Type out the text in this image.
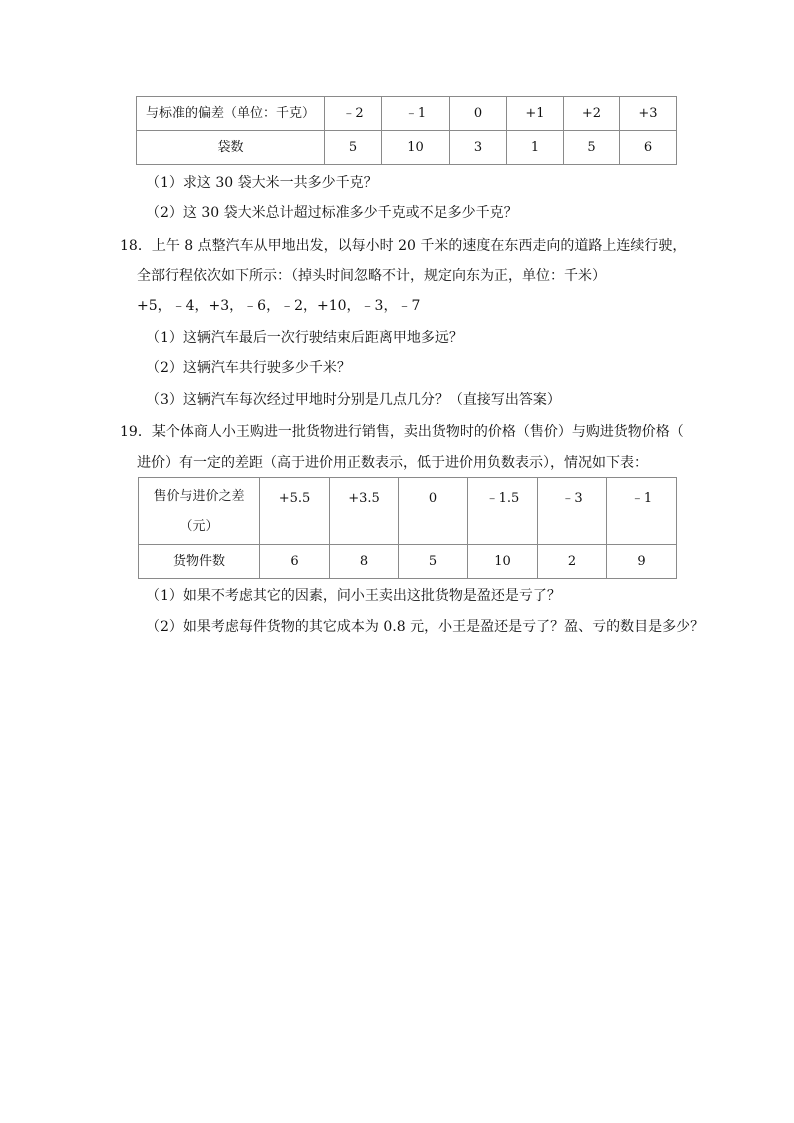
与标准的偏差（单位：千克）	﹣2	﹣1	0	+1	+2	+3
袋数	5	10	3	1	5	6
（1）求这 30 袋大米一共多少千克？
（2）这 30 袋大米总计超过标准多少千克或不足多少千克？
18．上午 8 点整汽车从甲地出发，以每小时 20 千米的速度在东西走向的道路上连续行驶，
全部行程依次如下所示：（掉头时间忽略不计，规定向东为正，单位：千米）
+5，﹣4，+3，﹣6，﹣2，+10，﹣3，﹣7
（1）这辆汽车最后一次行驶结束后距离甲地多远？
（2）这辆汽车共行驶多少千米？
（3）这辆汽车每次经过甲地时分别是几点几分？（直接写出答案）
19．某个体商人小王购进一批货物进行销售，卖出货物时的价格（售价）与购进货物价格（
进价）有一定的差距（高于进价用正数表示，低于进价用负数表示），情况如下表：
售价与进价之差
（元）	+5.5	+3.5	0	﹣1.5	﹣3	﹣1
货物件数	6	8	5	10	2	9
（1）如果不考虑其它的因素，问小王卖出这批货物是盈还是亏了？
（2）如果考虑每件货物的其它成本为 0.8 元，小王是盈还是亏了？盈、亏的数目是多少？
